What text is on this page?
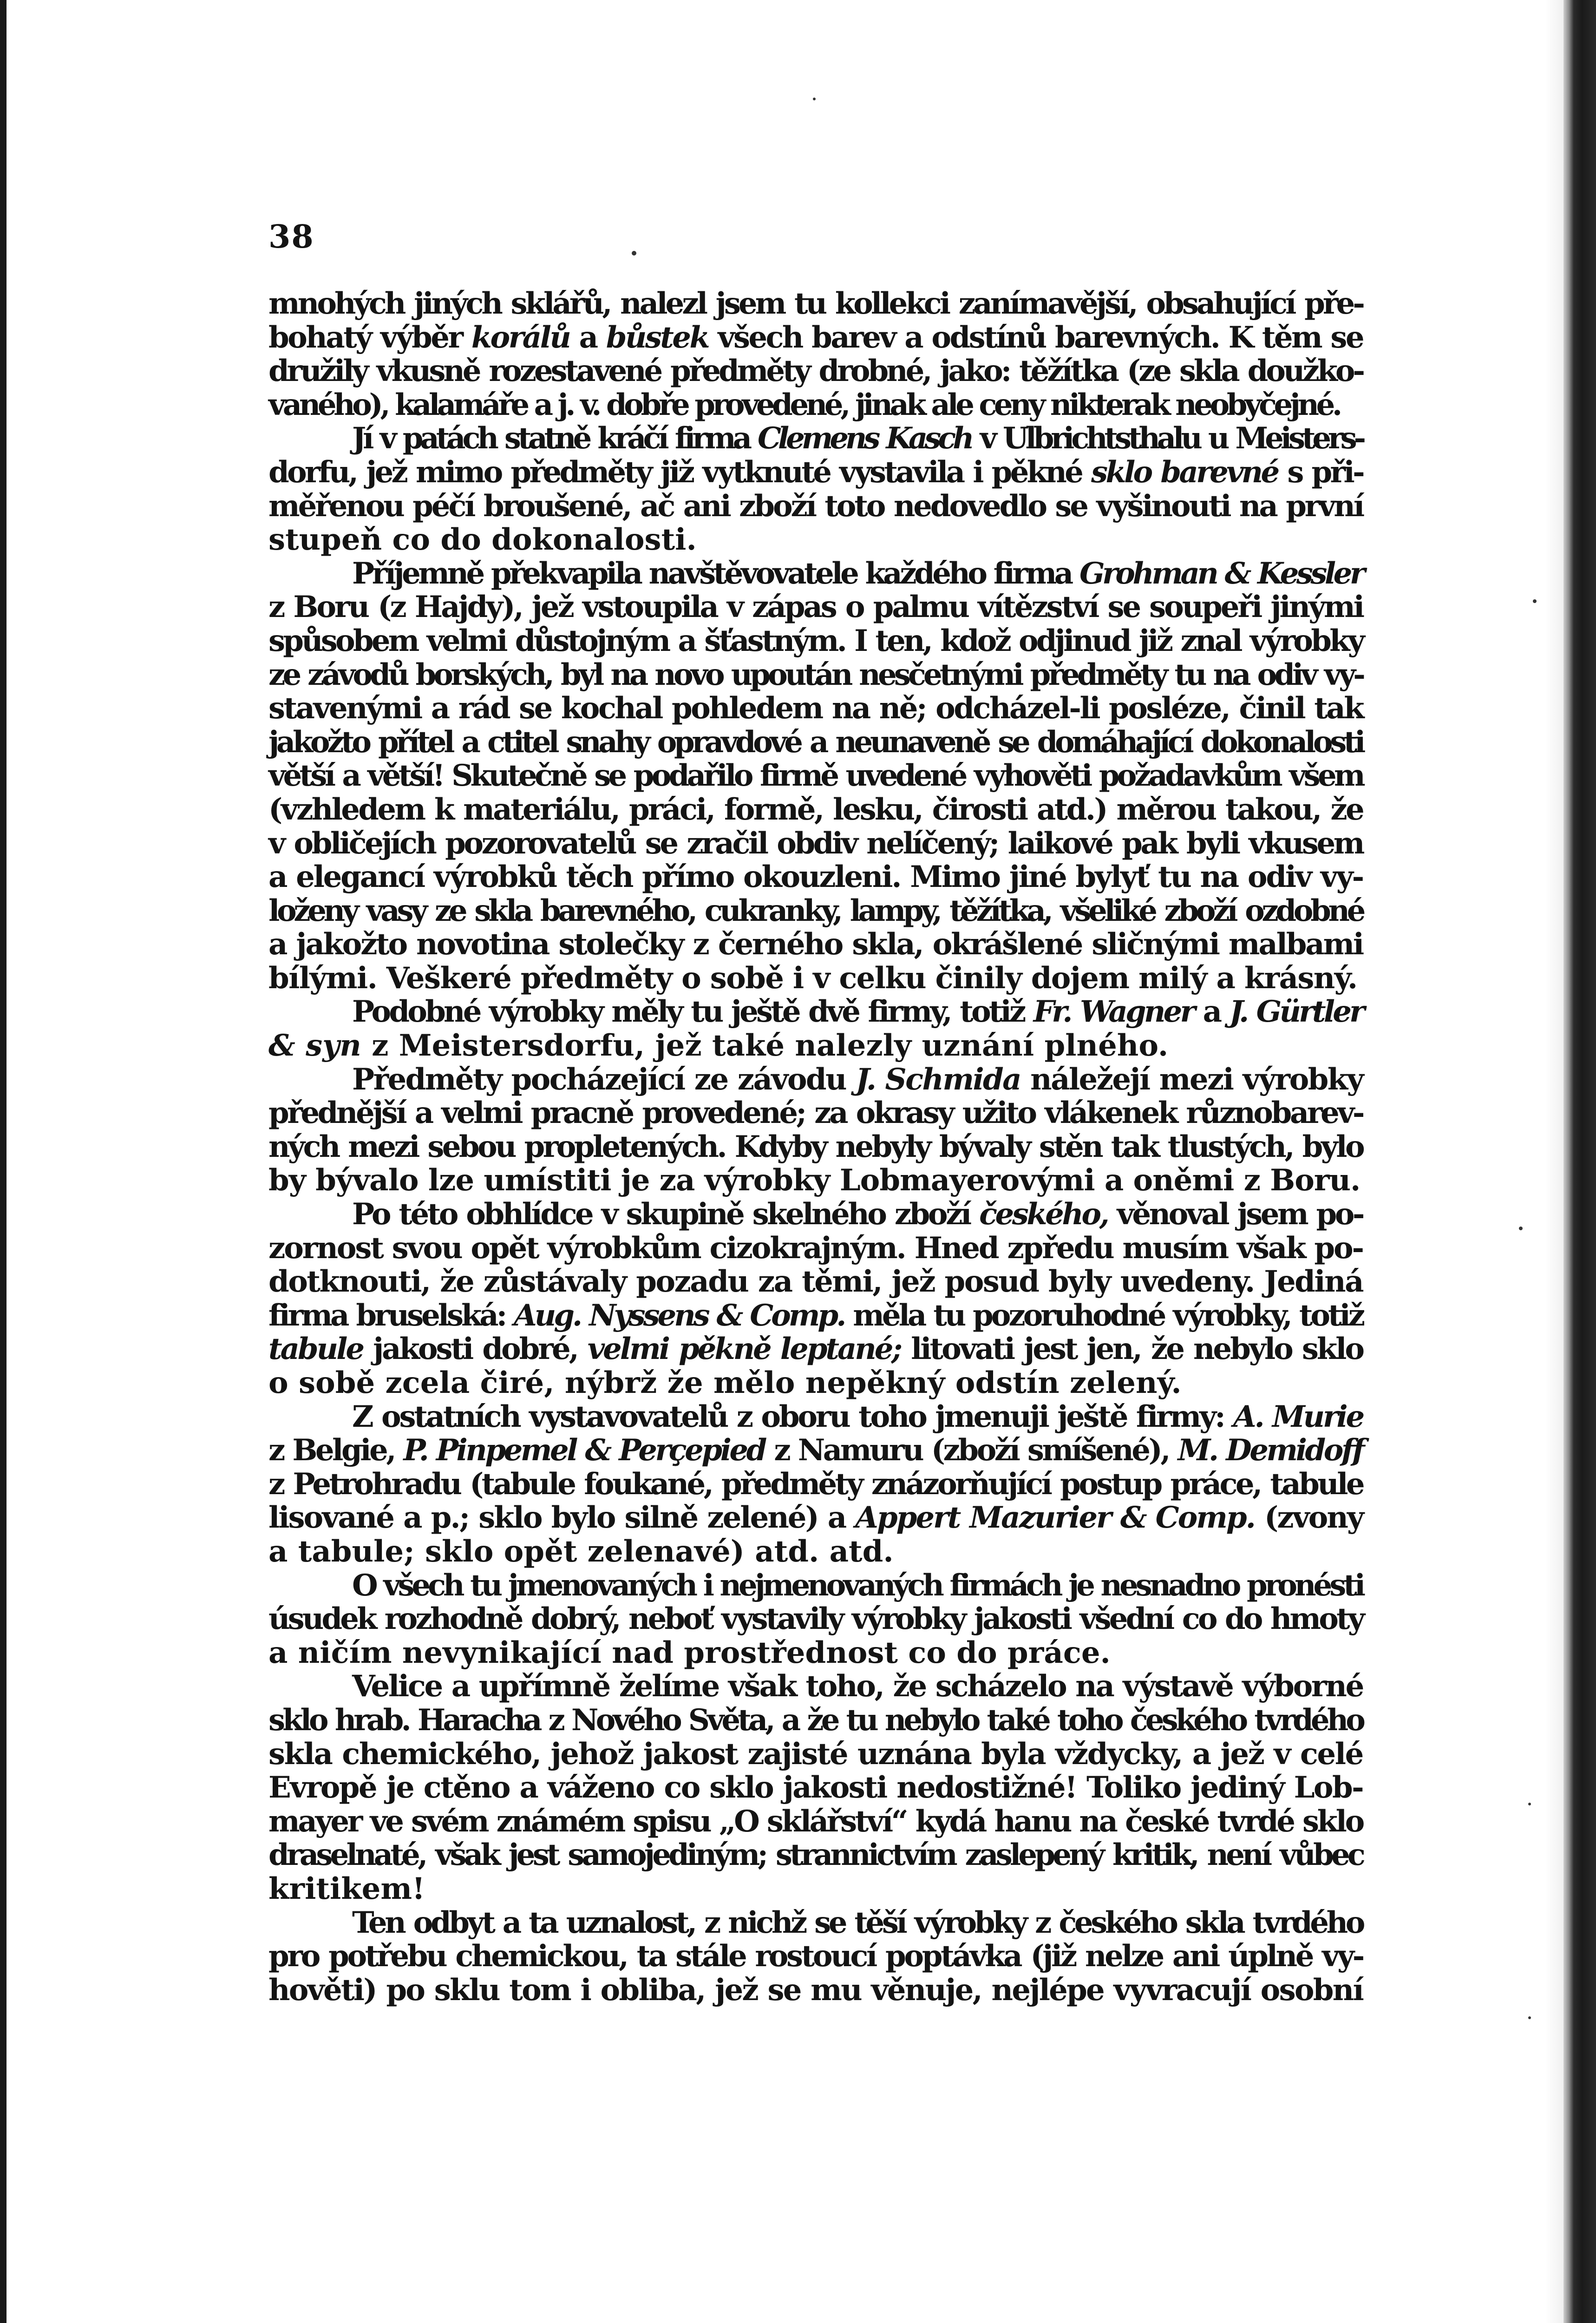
38
mnohých jiných sklářů, nalezl jsem tu kollekci zanímavější, obsahující pře-
bohatý výběr korálů a bůstek všech barev a odstínů barevných. K těm se
družily vkusně rozestavené předměty drobné, jako: těžítka (ze skla doužko-
vaného), kalamáře a j. v. dobře provedené, jinak ale ceny nikterak neobyčejné.
Jí v patách statně kráčí firma Clemens Kasch v Ulbrichtsthalu u Meisters-
dorfu, jež mimo předměty již vytknuté vystavila i pěkné sklo barevné s při-
měřenou péčí broušené, ač ani zboží toto nedovedlo se vyšinouti na první
stupeň co do dokonalosti.
Příjemně překvapila navštěvovatele každého firma Grohman & Kessler
z Boru (z Hajdy), jež vstoupila v zápas o palmu vítězství se soupeři jinými
spůsobem velmi důstojným a šťastným. I ten, kdož odjinud již znal výrobky
ze závodů borských, byl na novo upoután nesčetnými předměty tu na odiv vy-
stavenými a rád se kochal pohledem na ně; odcházel-li posléze, činil tak
jakožto přítel a ctitel snahy opravdové a neunaveně se domáhající dokonalosti
větší a větší! Skutečně se podařilo firmě uvedené vyhověti požadavkům všem
(vzhledem k materiálu, práci, formě, lesku, čirosti atd.) měrou takou, že
v obličejích pozorovatelů se zračil obdiv nelíčený; laikové pak byli vkusem
a elegancí výrobků těch přímo okouzleni. Mimo jiné bylyť tu na odiv vy-
loženy vasy ze skla barevného, cukranky, lampy, těžítka, všeliké zboží ozdobné
a jakožto novotina stolečky z černého skla, okrášlené sličnými malbami
bílými. Veškeré předměty o sobě i v celku činily dojem milý a krásný.
Podobné výrobky měly tu ještě dvě firmy, totiž Fr. Wagner a J. Gürtler
& syn z Meistersdorfu, jež také nalezly uznání plného.
Předměty pocházející ze závodu J. Schmida náležejí mezi výrobky
přednější a velmi pracně provedené; za okrasy užito vlákenek různobarev-
ných mezi sebou propletených. Kdyby nebyly bývaly stěn tak tlustých, bylo
by bývalo lze umístiti je za výrobky Lobmayerovými a oněmi z Boru.
Po této obhlídce v skupině skelného zboží českého, věnoval jsem po-
zornost svou opět výrobkům cizokrajným. Hned zpředu musím však po-
dotknouti, že zůstávaly pozadu za těmi, jež posud byly uvedeny. Jediná
firma bruselská: Aug. Nyssens & Comp. měla tu pozoruhodné výrobky, totiž
tabule jakosti dobré, velmi pěkně leptané; litovati jest jen, že nebylo sklo
o sobě zcela čiré, nýbrž že mělo nepěkný odstín zelený.
Z ostatních vystavovatelů z oboru toho jmenuji ještě firmy: A. Murie
z Belgie, P. Pinpemel & Perçepied z Namuru (zboží smíšené), M. Demidoff
z Petrohradu (tabule foukané, předměty znázorňující postup práce, tabule
lisované a p.; sklo bylo silně zelené) a Appert Mazurier & Comp. (zvony
a tabule; sklo opět zelenavé) atd. atd.
O všech tu jmenovaných i nejmenovaných firmách je nesnadno pronésti
úsudek rozhodně dobrý, neboť vystavily výrobky jakosti všední co do hmoty
a ničím nevynikající nad prostřednost co do práce.
Velice a upřímně želíme však toho, že scházelo na výstavě výborné
sklo hrab. Haracha z Nového Světa, a že tu nebylo také toho českého tvrdého
skla chemického, jehož jakost zajisté uznána byla vždycky, a jež v celé
Evropě je ctěno a váženo co sklo jakosti nedostižné! Toliko jediný Lob-
mayer ve svém známém spisu „O sklářství“ kydá hanu na české tvrdé sklo
draselnaté, však jest samojediným; strannictvím zaslepený kritik, není vůbec
kritikem!
Ten odbyt a ta uznalost, z nichž se těší výrobky z českého skla tvrdého
pro potřebu chemickou, ta stále rostoucí poptávka (již nelze ani úplně vy-
hověti) po sklu tom i obliba, jež se mu věnuje, nejlépe vyvracují osobní
